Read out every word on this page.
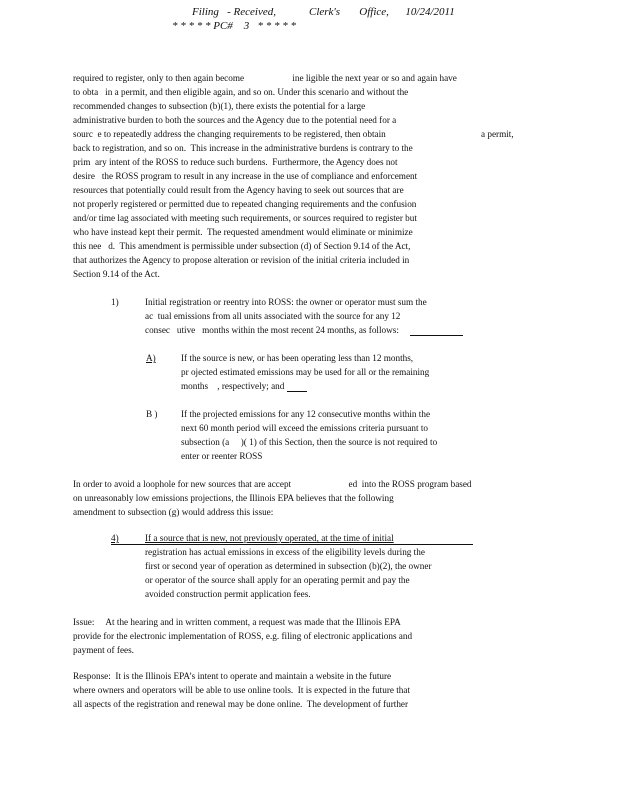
Filing   - Received,            Clerk's       Office,      10/24/2011
* * * * * PC#    3   * * * * *
required to register, only to then again become                     ine ligible the next year or so and again have
to obta   in a permit, and then eligible again, and so on. Under this scenario and without the
recommended changes to subsection (b)(1), there exists the potential for a large
administrative burden to both the sources and the Agency due to the potential need for a
sourc  e to repeatedly address the changing requirements to be registered, then obtain	a permit,
back to registration, and so on.  This increase in the administrative burdens is contrary to the
prim  ary intent of the ROSS to reduce such burdens.  Furthermore, the Agency does not
desire   the ROSS program to result in any increase in the use of compliance and enforcement
resources that potentially could result from the Agency having to seek out sources that are
not properly registered or permitted due to repeated changing requirements and the confusion
and/or time lag associated with meeting such requirements, or sources required to register but
who have instead kept their permit.  The requested amendment would eliminate or minimize
this nee   d.  This amendment is permissible under subsection (d) of Section 9.14 of the Act,
that authorizes the Agency to propose alteration or revision of the initial criteria included in
Section 9.14 of the Act.
1)	Initial registration or reentry into ROSS: the owner or operator must sum the
ac  tual emissions from all units associated with the source for any 12
consec   utive   months within the most recent 24 months, as follows:
A)	If the source is new, or has been operating less than 12 months,
pr ojected estimated emissions may be used for all or the remaining
months    , respectively; and
B )	If the projected emissions for any 12 consecutive months within the
next 60 month period will exceed the emissions criteria pursuant to
subsection (a     )( 1) of this Section, then the source is not required to
enter or reenter ROSS
In order to avoid a loophole for new sources that are accept                         ed  into the ROSS program based
on unreasonably low emissions projections, the Illinois EPA believes that the following
amendment to subsection (g) would address this issue:
4)	If a source that is new, not previously operated, at the time of initial
registration has actual emissions in excess of the eligibility levels during the
first or second year of operation as determined in subsection (b)(2), the owner
or operator of the source shall apply for an operating permit and pay the
avoided construction permit application fees.
Issue:     At the hearing and in written comment, a request was made that the Illinois EPA
provide for the electronic implementation of ROSS, e.g. filing of electronic applications and
payment of fees.
Response:  It is the Illinois EPA’s intent to operate and maintain a website in the future
where owners and operators will be able to use online tools.  It is expected in the future that
all aspects of the registration and renewal may be done online.  The development of further
